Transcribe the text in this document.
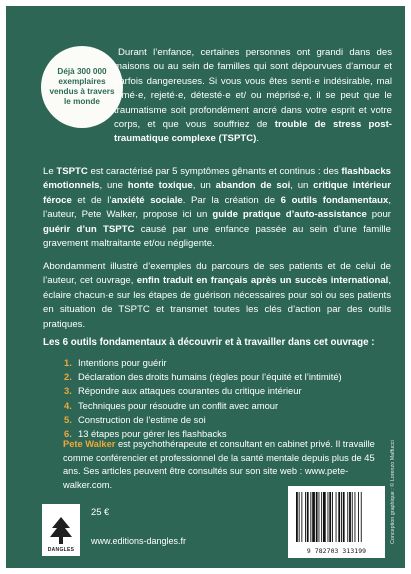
Déjà 300 000
exemplaires
vendus à travers
le monde

Durant l’enfance, certaines personnes ont grandi dans des maisons ou au sein de familles qui sont dépourvues d’amour et parfois dangereuses. Si vous vous êtes senti·e indésirable, mal aimé·e, rejeté·e, détesté·e et/ ou méprisé·e, il se peut que le traumatisme soit profondément ancré dans votre esprit et votre corps, et que vous souffriez de trouble de stress post-traumatique complexe (TSPTC).

Le TSPTC est caractérisé par 5 symptômes gênants et continus : des flashbacks émotionnels, une honte toxique, un abandon de soi, un critique intérieur féroce et de l’anxiété sociale. Par la création de 6 outils fondamentaux, l’auteur, Pete Walker, propose ici un guide pratique d’auto-assistance pour guérir d’un TSPTC causé par une enfance passée au sein d’une famille gravement maltraitante et/ou négligente.
Abondamment illustré d’exemples du parcours de ses patients et de celui de l’auteur, cet ouvrage, enfin traduit en français après un succès international, éclaire chacun·e sur les étapes de guérison nécessaires pour soi ou ses patients en situation de TSPTC et transmet toutes les clés d’action par des outils pratiques.
Les 6 outils fondamentaux à découvrir et à travailler dans cet ouvrage :
1. Intentions pour guérir
2. Déclaration des droits humains (règles pour l’équité et l’intimité)
3. Répondre aux attaques courantes du critique intérieur
4. Techniques pour résoudre un conflit avec amour
5. Construction de l’estime de soi
6. 13 étapes pour gérer les flashbacks
Pete Walker est psychothérapeute et consultant en cabinet privé. Il travaille comme conférencier et professionnel de la santé mentale depuis plus de 45 ans. Ses articles peuvent être consultés sur son site web : www.pete-walker.com.	Conception graphique : © Lorenzo Maffucci
DANGLES
25 €
www.editions-dangles.fr
9 782703 313199
